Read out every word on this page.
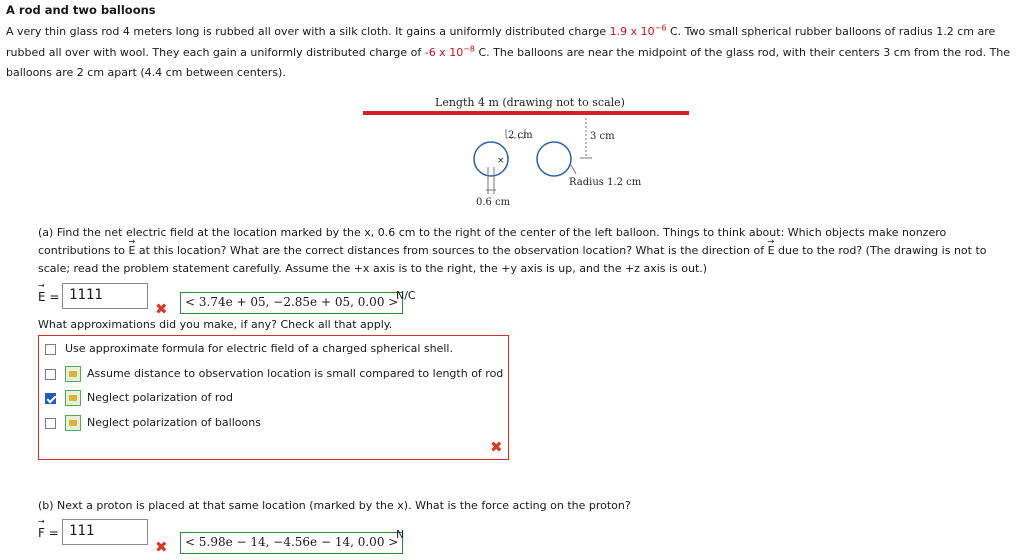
A rod and two balloons
A very thin glass rod 4 meters long is rubbed all over with a silk cloth. It gains a uniformly distributed charge 1.9 x $10^{-6}$ C. Two small spherical rubber balloons of radius 1.2 cm are
rubbed all over with wool. They each gain a uniformly distributed charge of -6 x $10^{-8}$ C. The balloons are near the midpoint of the glass rod, with their centers 3 cm from the rod. The
balloons are 2 cm apart (4.4 cm between centers).
Length 4 m (drawing not to scale)
3 cm
2 cm
×
0.6 cm
Radius 1.2 cm
(a) Find the net electric field at the location marked by the x, 0.6 cm to the right of the center of the left balloon. Things to think about: Which objects make nonzero
contributions to → E at this location? What are the correct distances from sources to the observation location? What is the direction of → E due to the rod? (The drawing is not to
scale; read the problem statement carefully. Assume the +x axis is to the right, the +y axis is up, and the +z axis is out.)
→ E = 1111
✖	< 3.74e + 05, −2.85e + 05, 0.00 >
N/C
What approximations did you make, if any? Check all that apply.
Use approximate formula for electric field of a charged spherical shell.
Assume distance to observation location is small compared to length of rod
Neglect polarization of rod
Neglect polarization of balloons
✖
(b) Next a proton is placed at that same location (marked by the x). What is the force acting on the proton?
→ F = 111
✖	< 5.98e − 14, −4.56e − 14, 0.00 >
N
